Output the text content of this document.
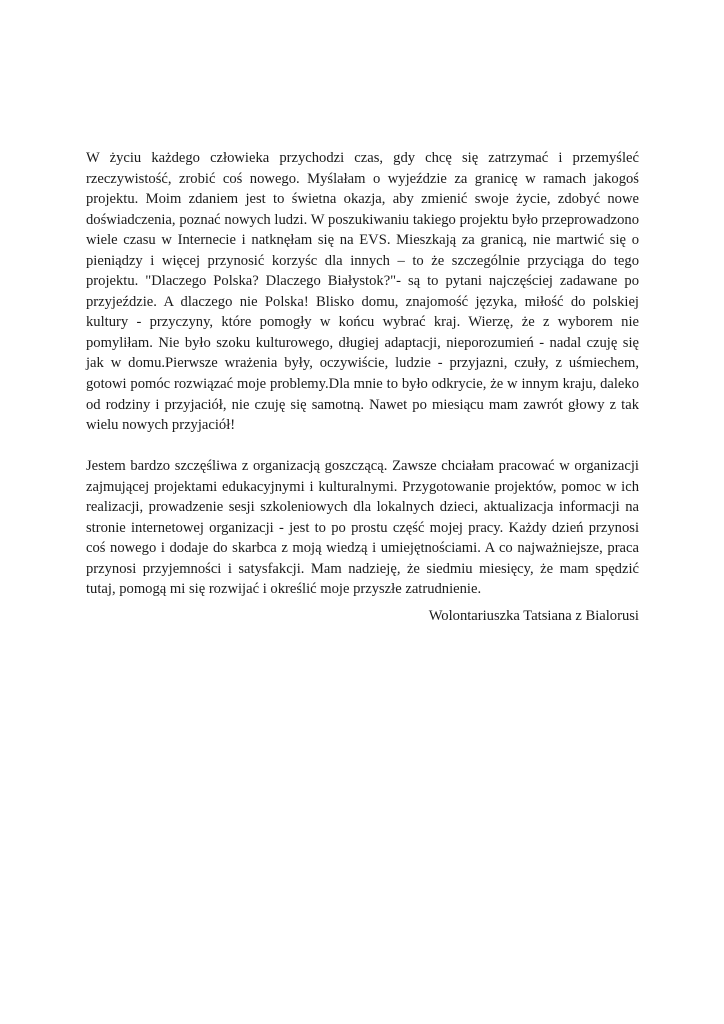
W życiu każdego człowieka przychodzi czas, gdy chcę się zatrzymać i przemyśleć rzeczywistość, zrobić coś nowego. Myślałam o wyjeździe za granicę w ramach jakogoś projektu. Moim zdaniem jest to świetna okazja, aby zmienić swoje życie, zdobyć nowe doświadczenia, poznać nowych ludzi. W poszukiwaniu takiego projektu było przeprowadzono wiele czasu w Internecie i natknęłam się na EVS. Mieszkają za granicą, nie martwić się o pieniądzy i więcej przynosić korzyśc dla innych – to że szczególnie przyciąga do tego projektu. "Dlaczego Polska? Dlaczego Białystok?"- są to pytani najczęściej zadawane po przyjeździe. A dlaczego nie Polska! Blisko domu, znajomość języka, miłość do polskiej kultury - przyczyny, które pomogły w końcu wybrać kraj. Wierzę, że z wyborem nie pomyliłam. Nie było szoku kulturowego, długiej adaptacji, nieporozumień - nadal czuję się jak w domu.Pierwsze wrażenia były, oczywiście, ludzie - przyjazni, czuły, z uśmiechem, gotowi pomóc rozwiązać moje problemy.Dla mnie to było odkrycie, że w innym kraju, daleko od rodziny i przyjaciół, nie czuję się samotną. Nawet po miesiącu mam zawrót głowy z tak wielu nowych przyjaciół!

Jestem bardzo szczęśliwa z organizacją goszczącą. Zawsze chciałam pracować w organizacji zajmującej projektami edukacyjnymi i kulturalnymi. Przygotowanie projektów, pomoc w ich realizacji, prowadzenie sesji szkoleniowych dla lokalnych dzieci, aktualizacja informacji na stronie internetowej organizacji - jest to po prostu część mojej pracy. Każdy dzień przynosi coś nowego i dodaje do skarbca z moją wiedzą i umiejętnościami. A co najważniejsze, praca przynosi przyjemności i satysfakcji. Mam nadzieję, że siedmiu miesięcy, że mam spędzić tutaj, pomogą mi się rozwijać i określić moje przyszłe zatrudnienie.

Wolontariuszka Tatsiana z Bialorusi
